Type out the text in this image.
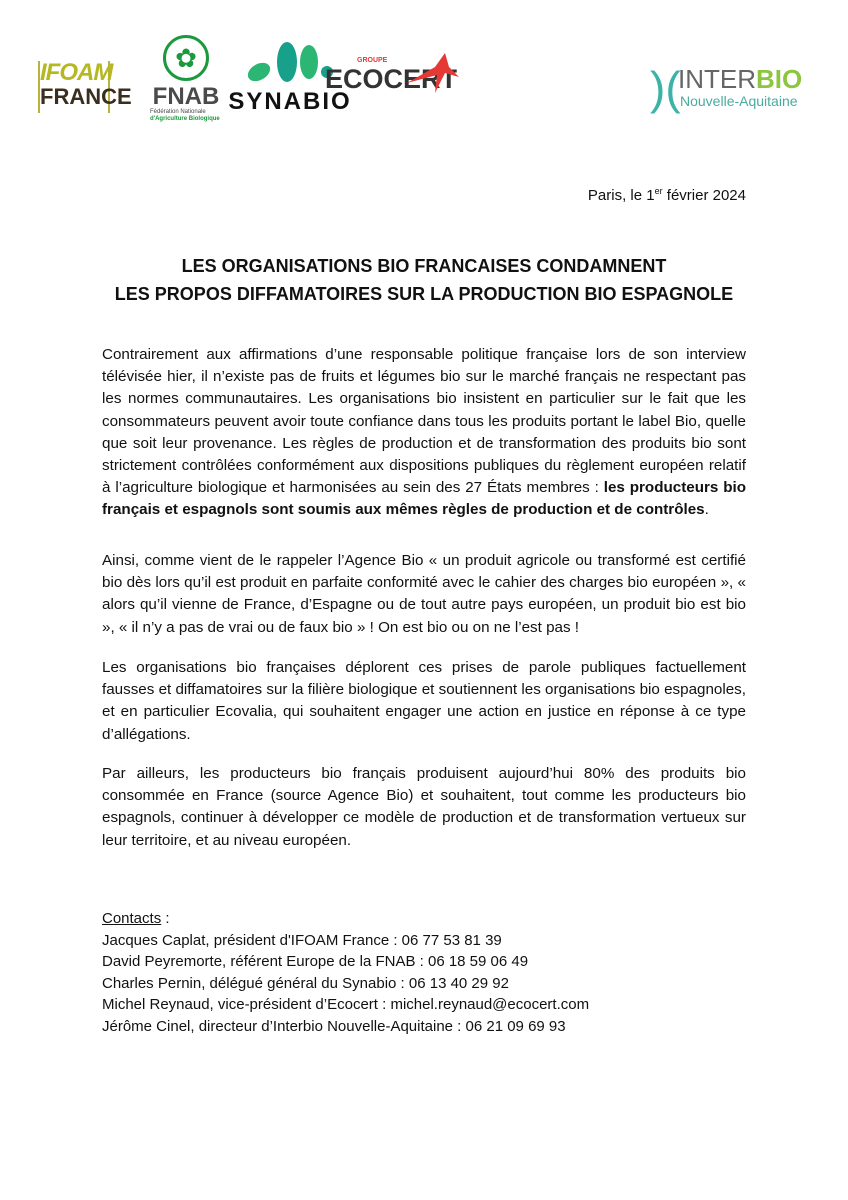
IFOAM
FRANCE
✿
FNAB
Fédération Nationale
d'Agriculture Biologique
SYNABIO
GROUPE
ECOCERT	)(
INTERBIO
Nouvelle-Aquitaine
Paris, le 1er février 2024
LES ORGANISATIONS BIO FRANCAISES CONDAMNENT
LES PROPOS DIFFAMATOIRES SUR LA PRODUCTION BIO ESPAGNOLE

Contrairement aux affirmations d’une responsable politique française lors de son interview télévisée hier, il n’existe pas de fruits et légumes bio sur le marché français ne respectant pas les normes communautaires. Les organisations bio insistent en particulier sur le fait que les consommateurs peuvent avoir toute confiance dans tous les produits portant le label Bio, quelle que soit leur provenance. Les règles de production et de transformation des produits bio sont strictement contrôlées conformément aux dispositions publiques du règlement européen relatif à l’agriculture biologique et harmonisées au sein des 27 États membres : les producteurs bio français et espagnols sont soumis aux mêmes règles de production et de contrôles.

Ainsi, comme vient de le rappeler l’Agence Bio « un produit agricole ou transformé est certifié bio dès lors qu’il est produit en parfaite conformité avec le cahier des charges bio européen », « alors qu’il vienne de France, d’Espagne ou de tout autre pays européen, un produit bio est bio », « il n’y a pas de vrai ou de faux bio » ! On est bio ou on ne l’est pas !

Les organisations bio françaises déplorent ces prises de parole publiques factuellement fausses et diffamatoires sur la filière biologique et soutiennent les organisations bio espagnoles, et en particulier Ecovalia, qui souhaitent engager une action en justice en réponse à ce type d’allégations.

Par ailleurs, les producteurs bio français produisent aujourd’hui 80% des produits bio consommée en France (source Agence Bio) et souhaitent, tout comme les producteurs bio espagnols, continuer à développer ce modèle de production et de transformation vertueux sur leur territoire, et au niveau européen.

Contacts :
Jacques Caplat, président d'IFOAM France : 06 77 53 81 39
David Peyremorte, référent Europe de la FNAB : 06 18 59 06 49
Charles Pernin, délégué général du Synabio : 06 13 40 29 92
Michel Reynaud, vice-président d’Ecocert : michel.reynaud@ecocert.com
Jérôme Cinel, directeur d’Interbio Nouvelle-Aquitaine : 06 21 09 69 93
